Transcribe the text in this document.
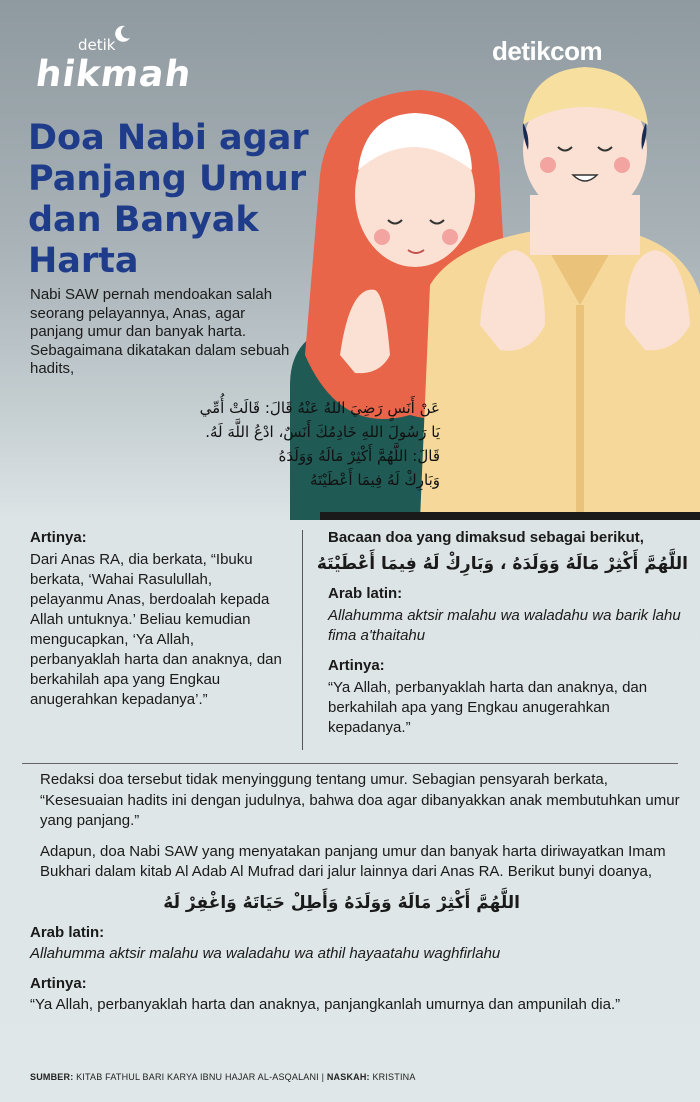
detik
hikmah
detikcom
Doa Nabi agar
Panjang Umur
dan Banyak
Harta
Nabi SAW pernah mendoakan salah seorang pelayannya, Anas, agar panjang umur dan banyak harta. Sebagaimana dikatakan dalam sebuah hadits,
عَنْ أَنَسٍ رَضِيَ اللهُ عَنْهُ قَالَ: قَالَتْ أُمِّي
يَا رَسُولَ اللهِ خَادِمُكَ أَنَسٌ، ادْعُ اللَّهَ لَهُ.
قَالَ: اللَّهُمَّ أَكْثِرْ مَالَهُ وَوَلَدَهُ
وَبَارِكْ لَهُ فِيمَا أَعْطَيْتَهُ
Artinya:

Dari Anas RA, dia berkata, “Ibuku berkata, ‘Wahai Rasulullah, pelayanmu Anas, berdoalah kepada Allah untuknya.’ Beliau kemudian mengucapkan, ‘Ya Allah, perbanyaklah harta dan anaknya, dan berkahilah apa yang Engkau anugerahkan kepadanya’.”

Bacaan doa yang dimaksud sebagai berikut,
اللَّهُمَّ أَكْثِرْ مَالَهُ وَوَلَدَهُ ، وَبَارِكْ لَهُ فِيمَا أَعْطَيْتَهُ
Arab latin:
Allahumma aktsir malahu wa waladahu wa barik lahu fima a'thaitahu
Artinya:
“Ya Allah, perbanyaklah harta dan anaknya, dan berkahilah apa yang Engkau anugerahkan kepadanya.”
Redaksi doa tersebut tidak menyinggung tentang umur. Sebagian pensyarah berkata, “Kesesuaian hadits ini dengan judulnya, bahwa doa agar dibanyakkan anak membutuhkan umur yang panjang.”
Adapun, doa Nabi SAW yang menyatakan panjang umur dan banyak harta diriwayatkan Imam Bukhari dalam kitab Al Adab Al Mufrad dari jalur lainnya dari Anas RA. Berikut bunyi doanya,
اللَّهُمَّ أَكْثِرْ مَالَهُ وَوَلَدَهُ وَأَطِلْ حَيَاتَهُ وَاغْفِرْ لَهُ
Arab latin:
Allahumma aktsir malahu wa waladahu wa athil hayaatahu waghfirlahu
Artinya:
“Ya Allah, perbanyaklah harta dan anaknya, panjangkanlah umurnya dan ampunilah dia.”
SUMBER: KITAB FATHUL BARI KARYA IBNU HAJAR AL-ASQALANI | NASKAH: KRISTINA
